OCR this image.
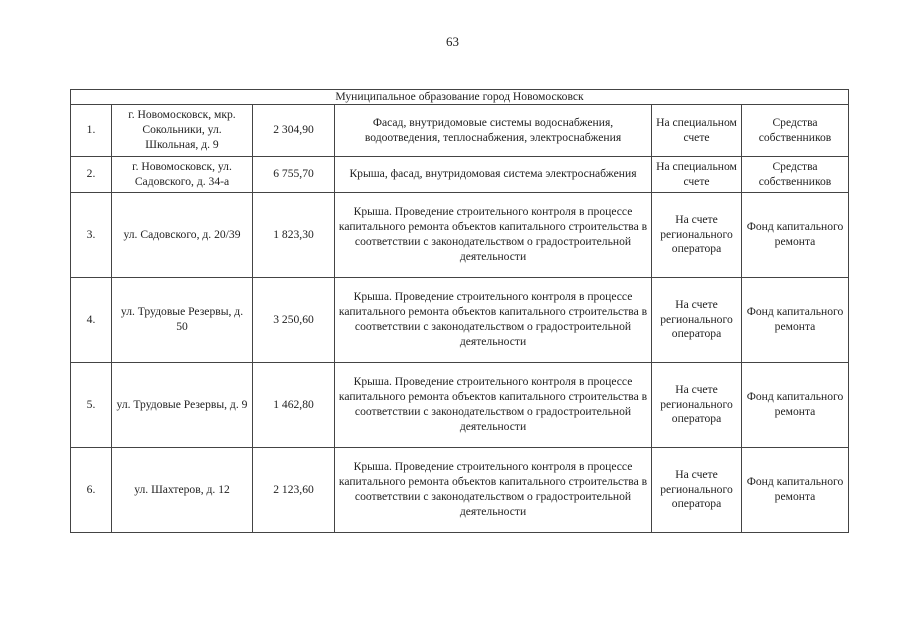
63
Муниципальное образование город Новомосковск					
1.	г. Новомосковск, мкр. Сокольники, ул. Школьная, д. 9	2 304,90	Фасад, внутридомовые системы водоснабжения, водоотведения, теплоснабжения, электроснабжения	На специальном счете	Средства собственников
2.	г. Новомосковск, ул. Садовского, д. 34-а	6 755,70	Крыша, фасад, внутридомовая система электроснабжения	На специальном счете	Средства собственников
3.	ул. Садовского, д. 20/39	1 823,30	Крыша. Проведение строительного контроля в процессе капитального ремонта объектов капитального строительства в соответствии с законодательством о градостроительной деятельности	На счете регионального оператора	Фонд капитального ремонта
4.	ул. Трудовые Резервы, д. 50	3 250,60	Крыша. Проведение строительного контроля в процессе капитального ремонта объектов капитального строительства в соответствии с законодательством о градостроительной деятельности	На счете регионального оператора	Фонд капитального ремонта
5.	ул. Трудовые Резервы, д. 9	1 462,80	Крыша. Проведение строительного контроля в процессе капитального ремонта объектов капитального строительства в соответствии с законодательством о градостроительной деятельности	На счете регионального оператора	Фонд капитального ремонта
6.	ул. Шахтеров, д. 12	2 123,60	Крыша. Проведение строительного контроля в процессе капитального ремонта объектов капитального строительства в соответствии с законодательством о градостроительной деятельности	На счете регионального оператора	Фонд капитального ремонта
